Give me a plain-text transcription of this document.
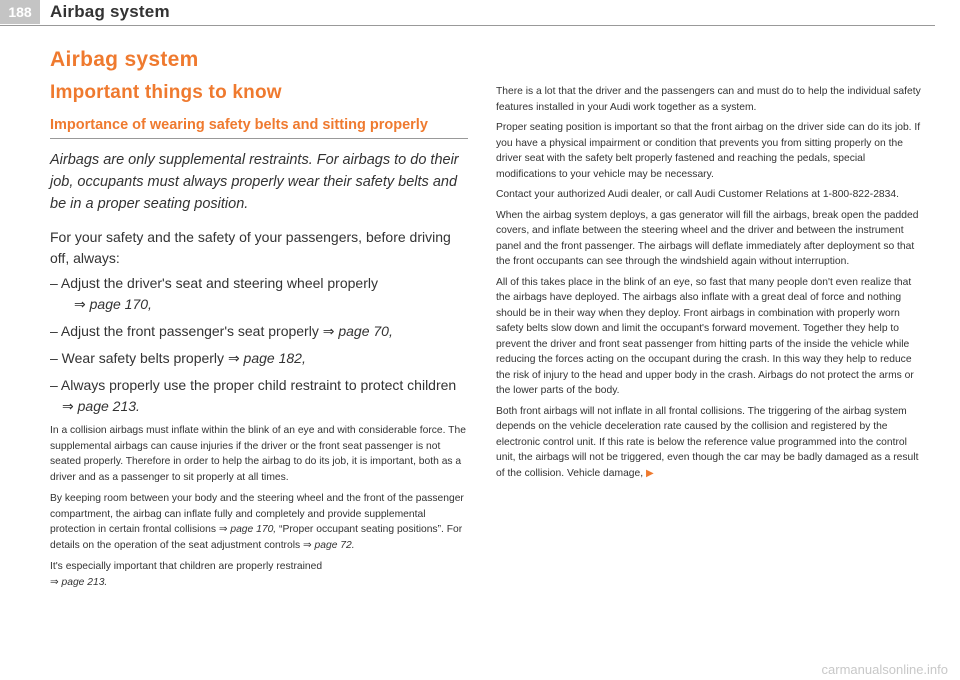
188	Airbag system
Airbag system
Important things to know
Importance of wearing safety belts and sitting properly

Airbags are only supplemental restraints. For airbags to do their job, occupants must always properly wear their safety belts and be in a proper seating position.

For your safety and the safety of your passengers, before driving off, always:

– Adjust the driver's seat and steering wheel properly
⇒ page 170,
– Adjust the front passenger's seat properly ⇒ page 70,
– Wear safety belts properly ⇒ page 182,
– Always properly use the proper child restraint to protect children ⇒ page 213.

In a collision airbags must inflate within the blink of an eye and with considerable force. The supplemental airbags can cause injuries if the driver or the front seat passenger is not seated properly. Therefore in order to help the airbag to do its job, it is important, both as a driver and as a passenger to sit properly at all times.

By keeping room between your body and the steering wheel and the front of the passenger compartment, the airbag can inflate fully and completely and provide supplemental protection in certain frontal collisions ⇒ page 170, “Proper occupant seating positions”. For details on the operation of the seat adjustment controls ⇒ page 72.

It's especially important that children are properly restrained
⇒ page 213.

There is a lot that the driver and the passengers can and must do to help the individual safety features installed in your Audi work together as a system.

Proper seating position is important so that the front airbag on the driver side can do its job. If you have a physical impairment or condition that prevents you from sitting properly on the driver seat with the safety belt properly fastened and reaching the pedals, special modifications to your vehicle may be necessary.

Contact your authorized Audi dealer, or call Audi Customer Relations at 1-800-822-2834.

When the airbag system deploys, a gas generator will fill the airbags, break open the padded covers, and inflate between the steering wheel and the driver and between the instrument panel and the front passenger. The airbags will deflate immediately after deployment so that the front occupants can see through the windshield again without interruption.

All of this takes place in the blink of an eye, so fast that many people don't even realize that the airbags have deployed. The airbags also inflate with a great deal of force and nothing should be in their way when they deploy. Front airbags in combination with properly worn safety belts slow down and limit the occupant's forward movement. Together they help to prevent the driver and front seat passenger from hitting parts of the inside the vehicle while reducing the forces acting on the occupant during the crash. In this way they help to reduce the risk of injury to the head and upper body in the crash. Airbags do not protect the arms or the lower parts of the body.

Both front airbags will not inflate in all frontal collisions. The triggering of the airbag system depends on the vehicle deceleration rate caused by the collision and registered by the electronic control unit. If this rate is below the reference value programmed into the control unit, the airbags will not be triggered, even though the car may be badly damaged as a result of the collision. Vehicle damage, ▶

carmanualsonline.info
